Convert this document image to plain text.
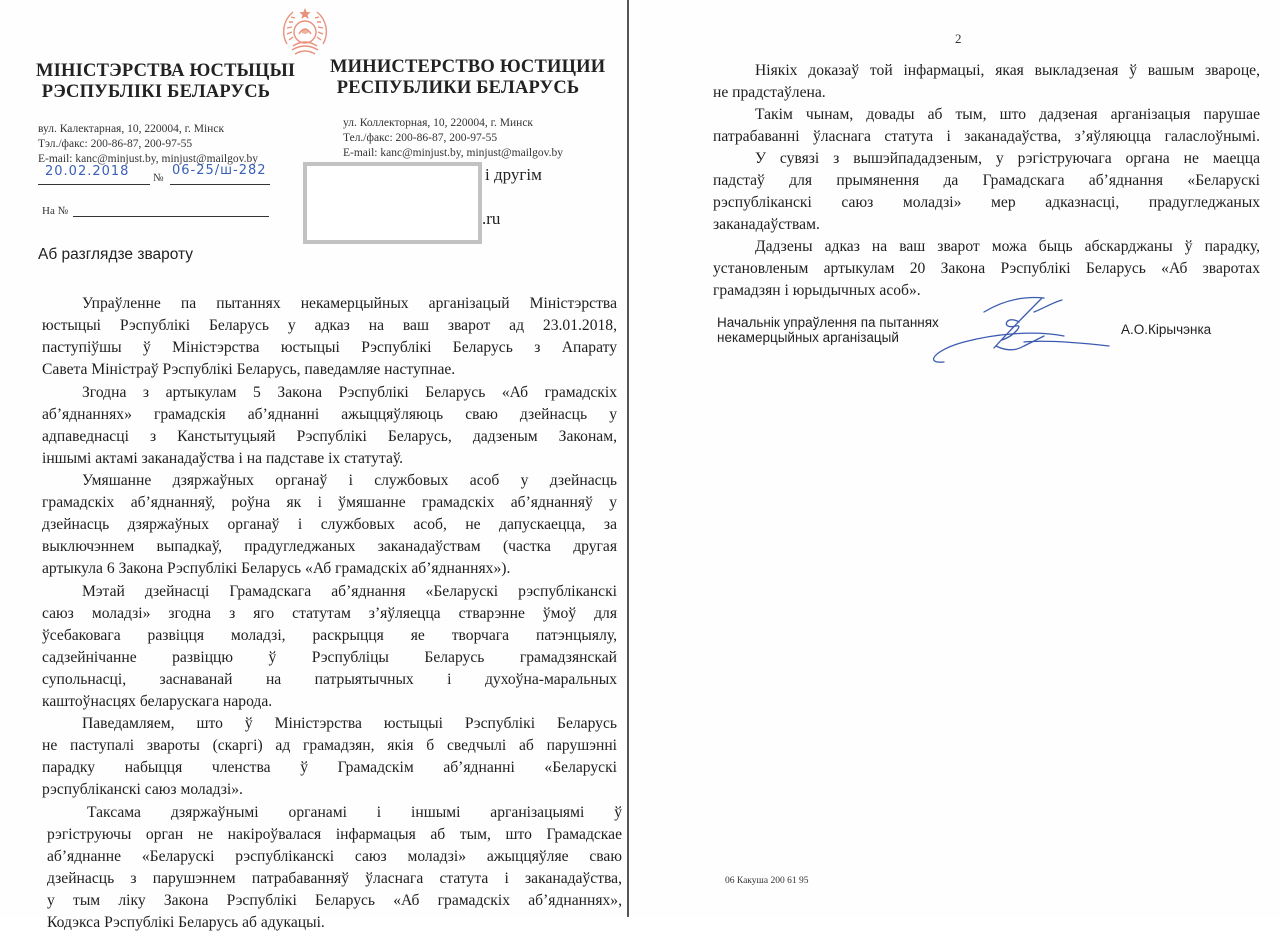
МІНІСТЭРСТВА ЮСТЫЦЫІ
РЭСПУБЛІКІ БЕЛАРУСЬ
вул. Калектарная, 10, 220004, г. Мінск
Тэл./факс: 200-86-87, 200-97-55
E-mail: kanc@minjust.by, minjust@mailgov.by
МИНИСТЕРСТВО ЮСТИЦИИ
РЕСПУБЛИКИ БЕЛАРУСЬ
ул. Коллекторная, 10, 220004, г. Минск
Тел./факс: 200-86-87, 200-97-55
E-mail: kanc@minjust.by, minjust@mailgov.by
20.02.2018 № 06-25/ш-282
На №
і другім
.ru
Аб разглядзе звароту
Упраўленне па пытаннях некамерцыйных арганізацый Міністэрства
юстыцыі Рэспублікі Беларусь у адказ на ваш зварот ад 23.01.2018,
паступіўшы ў Міністэрства юстыцыі Рэспублікі Беларусь з Апарату
Савета Міністраў Рэспублікі Беларусь, паведамляе наступнае.
Згодна з артыкулам 5 Закона Рэспублікі Беларусь «Аб грамадскіх
аб’яднаннях» грамадскія аб’яднанні ажыццяўляюць сваю дзейнасць у
адпаведнасці з Канстытуцыяй Рэспублікі Беларусь, дадзеным Законам,
іншымі актамі заканадаўства і на падставе іх статутаў.
Умяшанне дзяржаўных органаў і службовых асоб у дзейнасць
грамадскіх аб’яднанняў, роўна як і ўмяшанне грамадскіх аб’яднанняў у
дзейнасць дзяржаўных органаў і службовых асоб, не дапускаецца, за
выключэннем выпадкаў, прадугледжаных заканадаўствам (частка другая
артыкула 6 Закона Рэспублікі Беларусь «Аб грамадскіх аб’яднаннях»).
Мэтай дзейнасці Грамадскага аб’яднання «Беларускі рэспубліканскі
саюз моладзі» згодна з яго статутам з’яўляецца стварэнне ўмоў для
ўсебаковага развіцця моладзі, раскрыцця яе творчага патэнцыялу,
садзейнічанне развіццю ў Рэспубліцы Беларусь грамадзянскай
супольнасці, заснаванай на патрыятычных і духоўна-маральных
каштоўнасцях беларускага народа.
Паведамляем, што ў Міністэрства юстыцыі Рэспублікі Беларусь
не паступалі звароты (скаргі) ад грамадзян, якія б сведчылі аб парушэнні
парадку набыцця членства ў Грамадскім аб’яднанні «Беларускі
рэспубліканскі саюз моладзі».
Таксама дзяржаўнымі органамі і іншымі арганізацыямі ў
рэгіструючы орган не накіроўвалася інфармацыя аб тым, што Грамадскае
аб’яднанне «Беларускі рэспубліканскі саюз моладзі» ажыццяўляе сваю
дзейнасць з парушэннем патрабаванняў ўласнага статута і заканадаўства,
у тым ліку Закона Рэспублікі Беларусь «Аб грамадскіх аб’яднаннях»,
Кодэкса Рэспублікі Беларусь аб адукацыі.
2
Ніякіх доказаў той інфармацыі, якая выкладзеная ў вашым звароце,
не прадстаўлена.
Такім чынам, довады аб тым, што дадзеная арганізацыя парушае
патрабаванні ўласнага статута і заканадаўства, з’яўляюцца галаслоўнымі.
У сувязі з вышэйпададзеным, у рэгіструючага органа не маецца
падстаў для прымянення да Грамадскага аб’яднання «Беларускі
рэспубліканскі саюз моладзі» мер адказнасці, прадугледжаных
заканадаўствам.
Дадзены адказ на ваш зварот можа быць абскарджаны ў парадку,
установленым артыкулам 20 Закона Рэспублікі Беларусь «Аб зваротах
грамадзян і юрыдычных асоб».
Начальнік упраўлення па пытаннях
некамерцыйных арганізацый
А.О.Кірычэнка
06 Какуша 200 61 95
